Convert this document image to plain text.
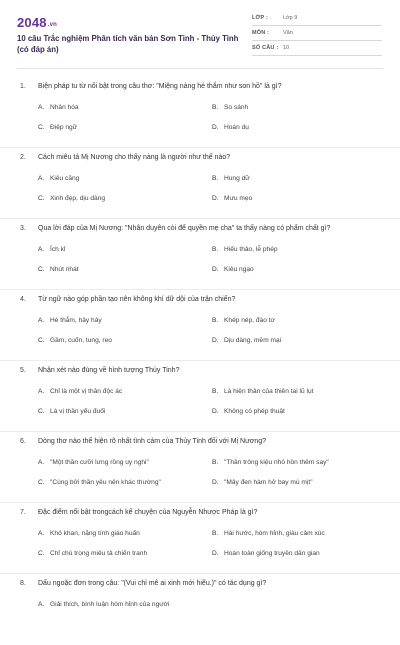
2048.vn
10 câu Trắc nghiệm Phân tích văn bản Sơn Tinh - Thủy Tinh (có đáp án)
LỚP :	Lớp 9
MÔN :	Văn
SỐ CÂU : 10
1. Biện pháp tu từ nổi bật trong câu thơ: "Miệng nàng hé thắm như son hồ" là gì?
A. Nhân hóa	B. So sánh
C. Điệp ngữ	D. Hoán dụ
2. Cách miêu tả Mị Nương cho thấy nàng là người như thế nào?
A. Kiêu căng	B. Hung dữ
C. Xinh đẹp, dịu dàng	D. Mưu mẹo
3. Qua lời đáp của Mị Nương: "Nhân duyên còi để quyền mẹ cha" ta thấy nàng có phẩm chất gì?
A. Ích kỉ	B. Hiếu thảo, lễ phép
C. Nhút nhát	D. Kiêu ngạo
4. Từ ngữ nào góp phần tạo nên không khí dữ dội của trận chiến?
A. Hé thắm, hây hây	B. Khép nép, đào tơ
C. Gầm, cuốn, tung, reo	D. Dịu dàng, mềm mại
5. Nhận xét nào đúng về hình tượng Thủy Tinh?
A. Chỉ là một vị thần độc ác	B. Là hiện thân của thiên tai lũ lụt
C. Là vị thần yếu đuối	D. Không có phép thuật
6. Dòng thơ nào thể hiện rõ nhất tình cảm của Thủy Tinh đối với Mị Nương?
A. "Một thần cưỡi lưng rồng uy nghi"	B. "Thần trông kiệu nhỏ hồn thêm say"
C. "Cùng bởi thần yêu nên khác thường"	D. "Mây đen hàm hở bay mù mịt"
7. Đặc điểm nổi bật trongcách kể chuyện của Nguyễn Nhược Pháp là gì?
A. Khô khan, nặng tính giáo huấn	B. Hài hước, hóm hỉnh, giàu cảm xúc
C. Chỉ chú trọng miêu tả chiến tranh	D. Hoàn toàn giống truyền dân gian
8. Dấu ngoặc đơn trong câu: "(Vui chỉ mê ai xinh mới hiểu.)" có tác dụng gì?
A. Giải thích, bình luận hóm hỉnh của người
